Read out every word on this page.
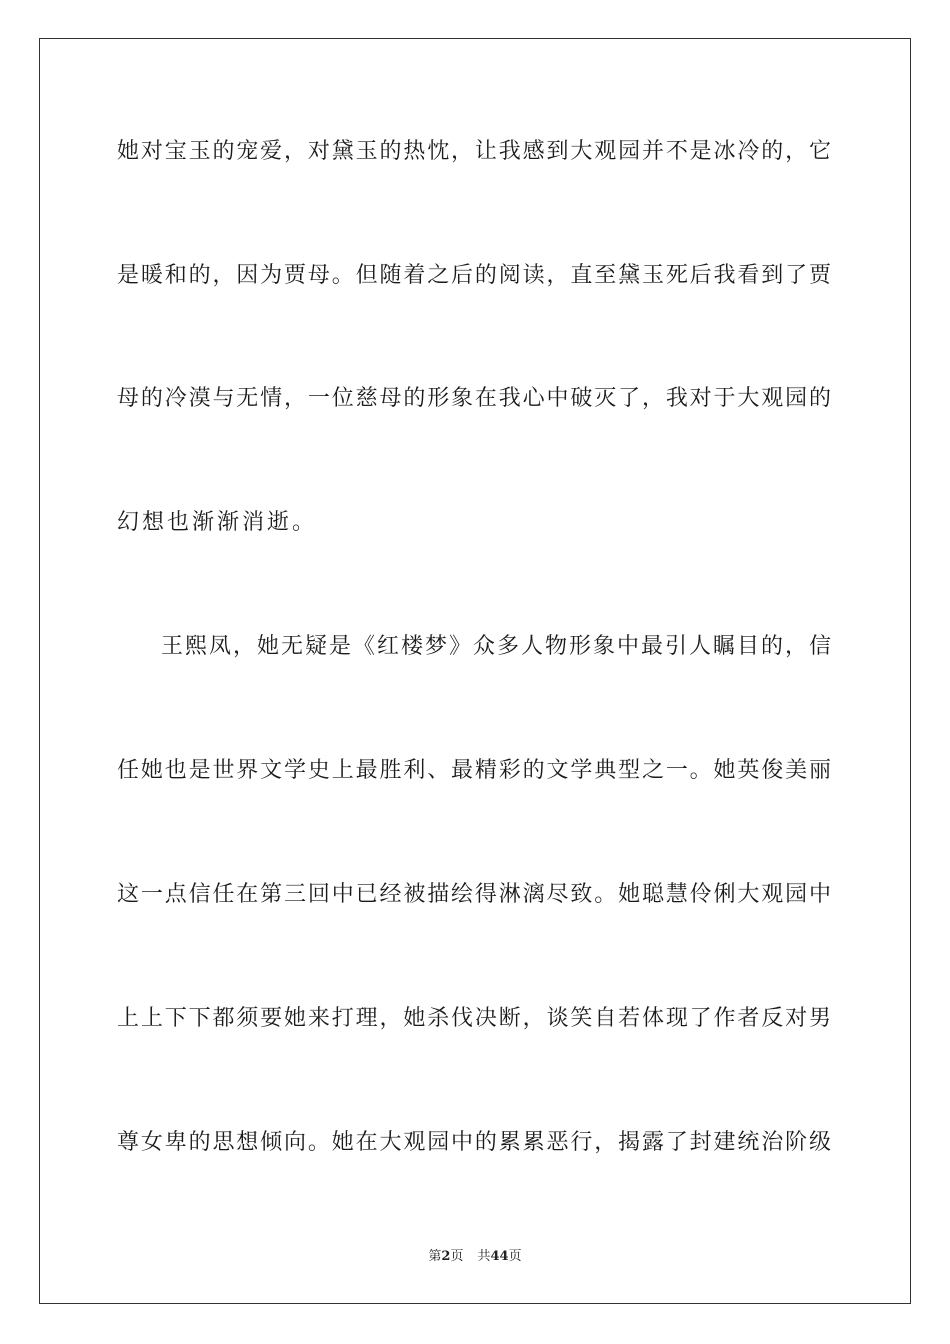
她对宝玉的宠爱，对黛玉的热忱，让我感到大观园并不是冰冷的，它
是暖和的，因为贾母。但随着之后的阅读，直至黛玉死后我看到了贾
母的冷漠与无情，一位慈母的形象在我心中破灭了，我对于大观园的
幻想也渐渐消逝。
王熙凤，她无疑是《红楼梦》众多人物形象中最引人瞩目的，信
任她也是世界文学史上最胜利、最精彩的文学典型之一。她英俊美丽
这一点信任在第三回中已经被描绘得淋漓尽致。她聪慧伶俐大观园中
上上下下都须要她来打理，她杀伐决断，谈笑自若体现了作者反对男
尊女卑的思想倾向。她在大观园中的累累恶行，揭露了封建统治阶级
第2页 共44页
